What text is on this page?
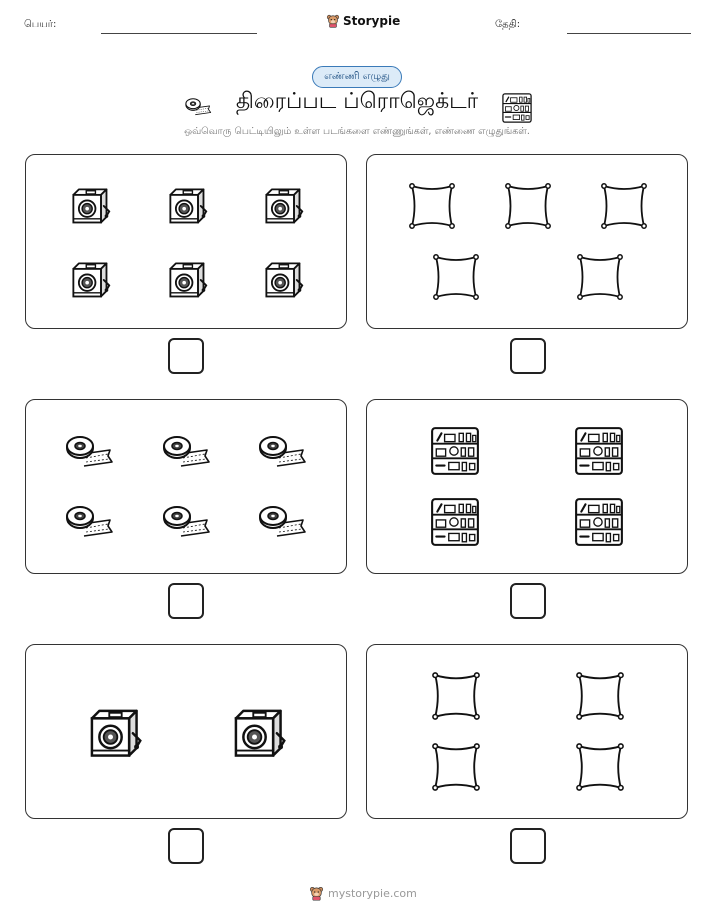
பெயர்:	Storypie	தேதி:
எண்ணி எழுது
திரைப்பட ப்ரொஜெக்டர்
ஒவ்வொரு பெட்டியிலும் உள்ள படங்களை எண்ணுங்கள், எண்ணை எழுதுங்கள்.
mystorypie.com
